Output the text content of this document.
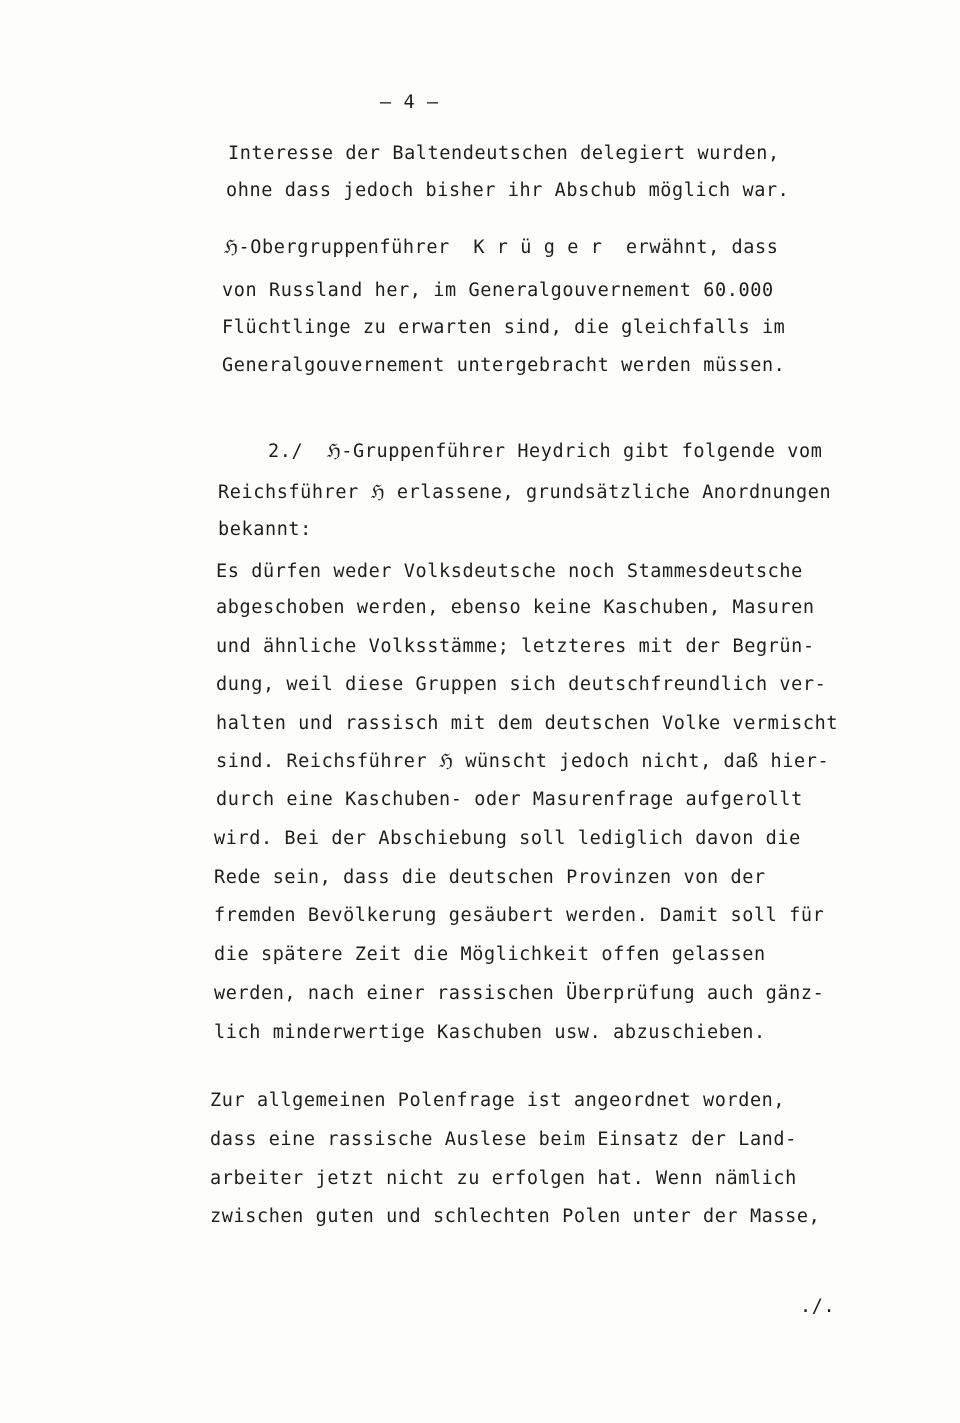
– 4 –
Interesse der Baltendeutschen delegiert wurden,
ohne dass jedoch bisher ihr Abschub möglich war.
ℌ-Obergruppenführer  K r ü g e r  erwähnt, dass
von Russland her, im Generalgouvernement 60.000
Flüchtlinge zu erwarten sind, die gleichfalls im
Generalgouvernement untergebracht werden müssen.
2./  ℌ-Gruppenführer Heydrich gibt folgende vom
Reichsführer ℌ erlassene, grundsätzliche Anordnungen
bekannt:
Es dürfen weder Volksdeutsche noch Stammesdeutsche
abgeschoben werden, ebenso keine Kaschuben, Masuren
und ähnliche Volksstämme; letzteres mit der Begrün-
dung, weil diese Gruppen sich deutschfreundlich ver-
halten und rassisch mit dem deutschen Volke vermischt
sind. Reichsführer ℌ wünscht jedoch nicht, daß hier-
durch eine Kaschuben- oder Masurenfrage aufgerollt
wird. Bei der Abschiebung soll lediglich davon die
Rede sein, dass die deutschen Provinzen von der
fremden Bevölkerung gesäubert werden. Damit soll für
die spätere Zeit die Möglichkeit offen gelassen
werden, nach einer rassischen Überprüfung auch gänz-
lich minderwertige Kaschuben usw. abzuschieben.
Zur allgemeinen Polenfrage ist angeordnet worden,
dass eine rassische Auslese beim Einsatz der Land-
arbeiter jetzt nicht zu erfolgen hat. Wenn nämlich
zwischen guten und schlechten Polen unter der Masse,
./.
